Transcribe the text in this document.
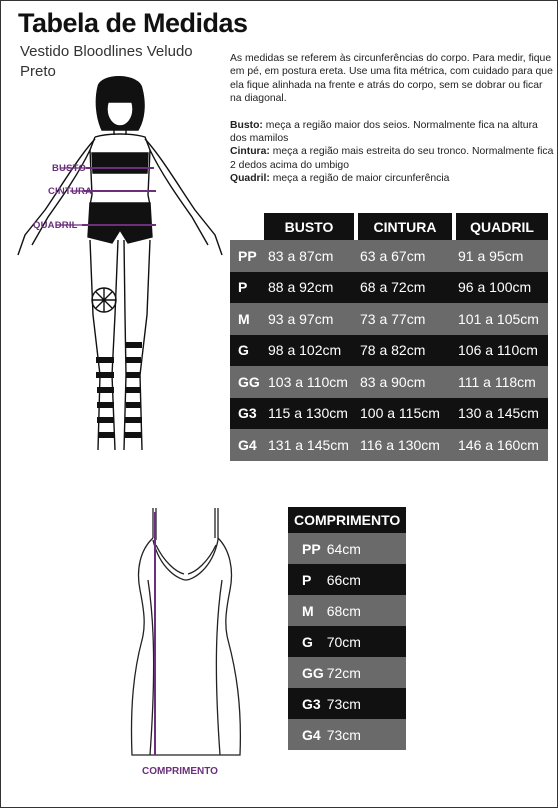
Tabela de Medidas
Vestido Bloodlines Veludo Preto
BUSTO
CINTURA
QUADRIL

As medidas se referem às circunferências do corpo. Para medir, fique em pé, em postura ereta. Use uma fita métrica, com cuidado para que ela fique alinhada na frente e atrás do corpo, sem se dobrar ou ficar na diagonal.

Busto: meça a região maior dos seios. Normalmente fica na altura dos mamilos
Cintura: meça a região mais estreita do seu tronco. Normalmente fica 2 dedos acima do umbigo
Quadril: meça a região de maior circunferência
	BUSTO	CINTURA	QUADRIL
PP	83 a 87cm	63 a 67cm	91 a 95cm
P	88 a 92cm	68 a 72cm	96 a 100cm
M	93 a 97cm	73 a 77cm	101 a 105cm
G	98 a 102cm	78 a 82cm	106 a 110cm
GG	103 a 110cm	83 a 90cm	111 a 118cm
G3	115 a 130cm	100 a 115cm	130 a 145cm
G4	131 a 145cm	116 a 130cm	146 a 160cm
COMPRIMENTO
COMPRIMENTO	
PP	64cm
P	66cm
M	68cm
G	70cm
GG	72cm
G3	73cm
G4	73cm
